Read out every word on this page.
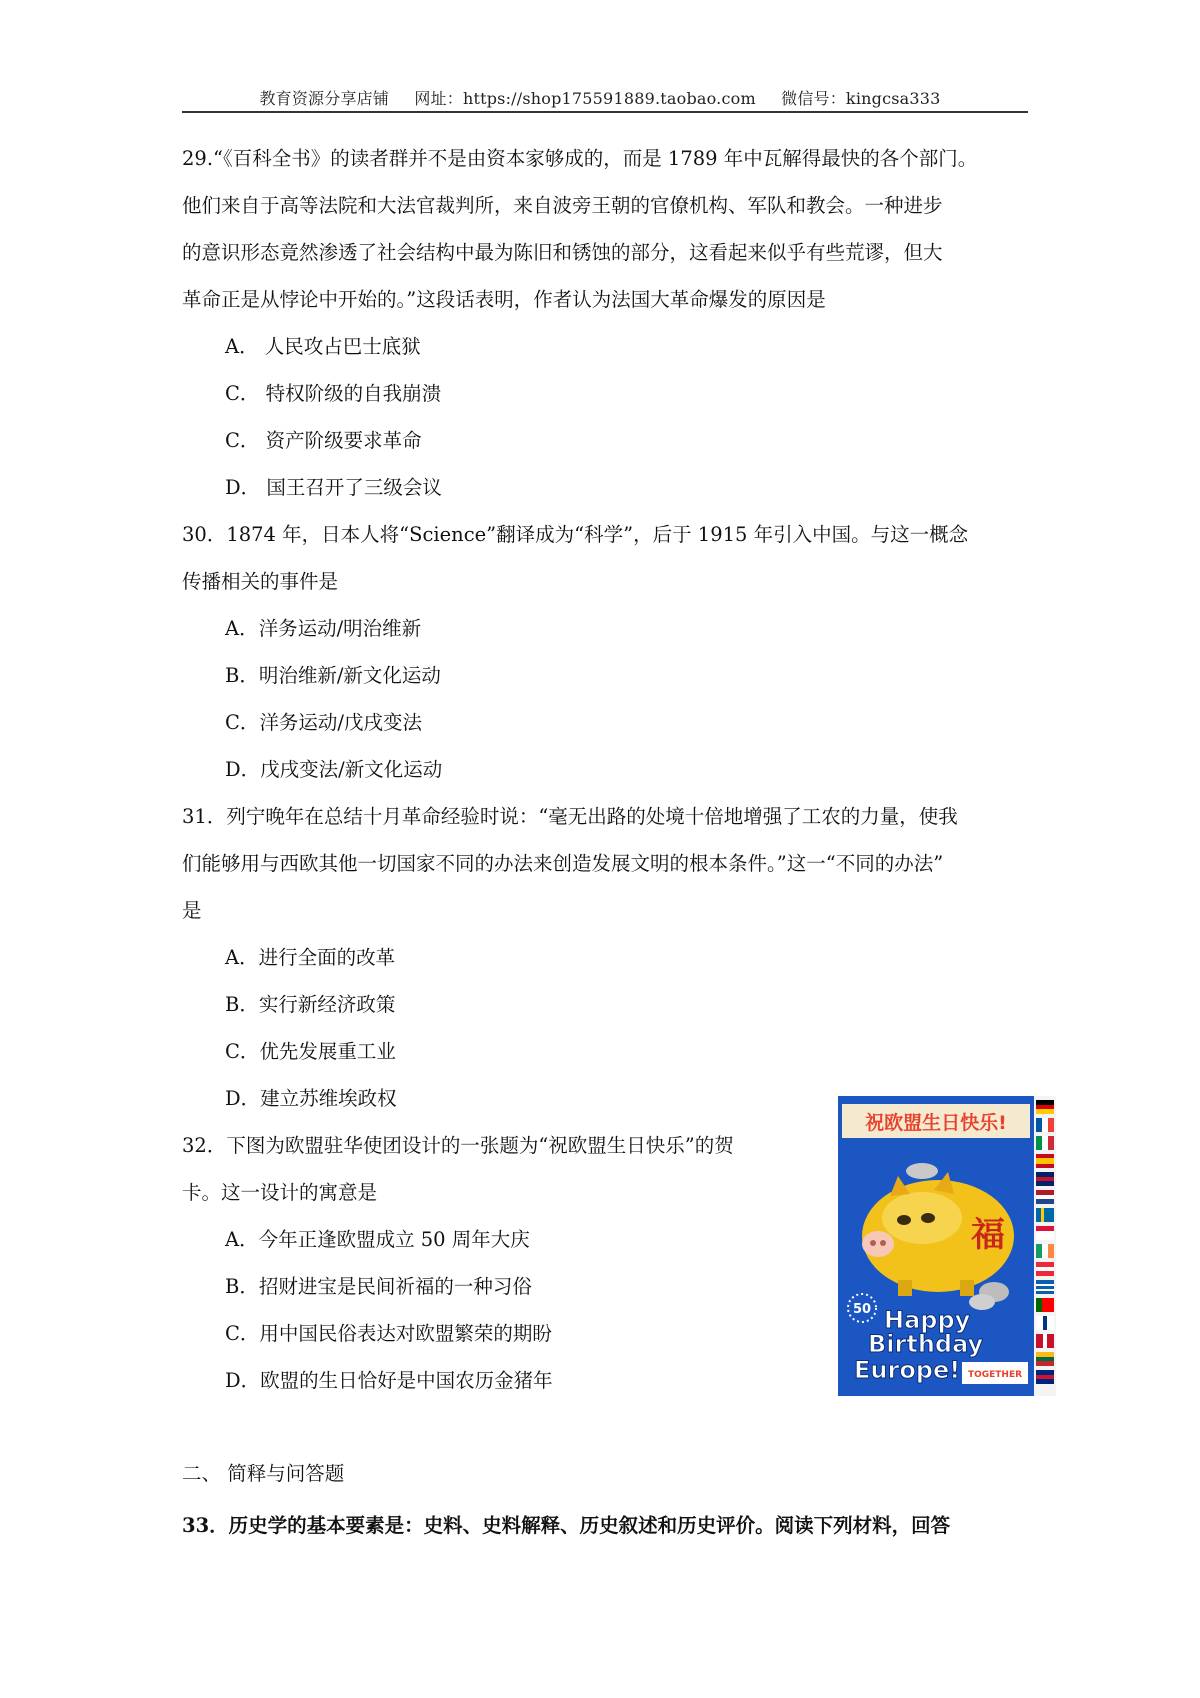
教育资源分享店铺 网址：https://shop175591889.taobao.com 微信号：kingcsa333
29.“《百科全书》的读者群并不是由资本家够成的，而是 1789 年中瓦解得最快的各个部门。
他们来自于高等法院和大法官裁判所，来自波旁王朝的官僚机构、军队和教会。一种进步
的意识形态竟然渗透了社会结构中最为陈旧和锈蚀的部分，这看起来似乎有些荒谬，但大
革命正是从悖论中开始的。”这段话表明，作者认为法国大革命爆发的原因是
A． 人民攻占巴士底狱
C． 特权阶级的自我崩溃
C． 资产阶级要求革命
D． 国王召开了三级会议
30．1874 年，日本人将“Science”翻译成为“科学”，后于 1915 年引入中国。与这一概念
传播相关的事件是
A．洋务运动/明治维新
B．明治维新/新文化运动
C．洋务运动/戊戌变法
D．戊戌变法/新文化运动
31．列宁晚年在总结十月革命经验时说：“毫无出路的处境十倍地增强了工农的力量，使我
们能够用与西欧其他一切国家不同的办法来创造发展文明的根本条件。”这一“不同的办法”
是
A．进行全面的改革
B．实行新经济政策
C．优先发展重工业
D．建立苏维埃政权
32．下图为欧盟驻华使团设计的一张题为“祝欧盟生日快乐”的贺
卡。这一设计的寓意是
A．今年正逢欧盟成立 50 周年大庆
B．招财进宝是民间祈福的一种习俗
C．用中国民俗表达对欧盟繁荣的期盼
D．欧盟的生日恰好是中国农历金猪年
祝欧盟生日快乐!
福
50 Happy
Birthday
Europe! TOGETHER
二、 简释与问答题
33．历史学的基本要素是：史料、史料解释、历史叙述和历史评价。阅读下列材料，回答
